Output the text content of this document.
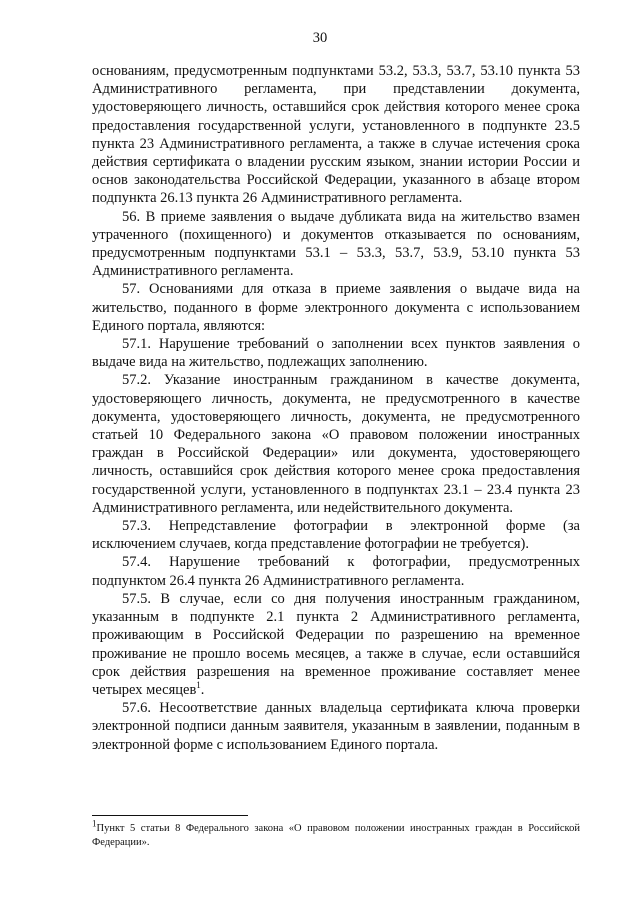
30

основаниям, предусмотренным подпунктами 53.2, 53.3, 53.7, 53.10 пункта 53 Административного регламента, при представлении документа, удостоверяющего личность, оставшийся срок действия которого менее срока предоставления государственной услуги, установленного в подпункте 23.5 пункта 23 Административного регламента, а также в случае истечения срока действия сертификата о владении русским языком, знании истории России и основ законодательства Российской Федерации, указанного в абзаце втором подпункта 26.13 пункта 26 Административного регламента.

56. В приеме заявления о выдаче дубликата вида на жительство взамен утраченного (похищенного) и документов отказывается по основаниям, предусмотренным подпунктами 53.1 – 53.3, 53.7, 53.9, 53.10 пункта 53 Административного регламента.

57. Основаниями для отказа в приеме заявления о выдаче вида на жительство, поданного в форме электронного документа с использованием Единого портала, являются:

57.1. Нарушение требований о заполнении всех пунктов заявления о выдаче вида на жительство, подлежащих заполнению.

57.2. Указание иностранным гражданином в качестве документа, удостоверяющего личность, документа, не предусмотренного в качестве документа, удостоверяющего личность, документа, не предусмотренного статьей 10 Федерального закона «О правовом положении иностранных граждан в Российской Федерации» или документа, удостоверяющего личность, оставшийся срок действия которого менее срока предоставления государственной услуги, установленного в подпунктах 23.1 – 23.4 пункта 23 Административного регламента, или недействительного документа.

57.3. Непредставление фотографии в электронной форме (за исключением случаев, когда представление фотографии не требуется).

57.4. Нарушение требований к фотографии, предусмотренных подпунктом 26.4 пункта 26 Административного регламента.

57.5. В случае, если со дня получения иностранным гражданином, указанным в подпункте 2.1 пункта 2 Административного регламента, проживающим в Российской Федерации по разрешению на временное проживание не прошло восемь месяцев, а также в случае, если оставшийся срок действия разрешения на временное проживание составляет менее четырех месяцев$^1$.

57.6. Несоответствие данных владельца сертификата ключа проверки электронной подписи данным заявителя, указанным в заявлении, поданным в электронной форме с использованием Единого портала.

$^1$Пункт 5 статьи 8 Федерального закона «О правовом положении иностранных граждан в Российской Федерации».
